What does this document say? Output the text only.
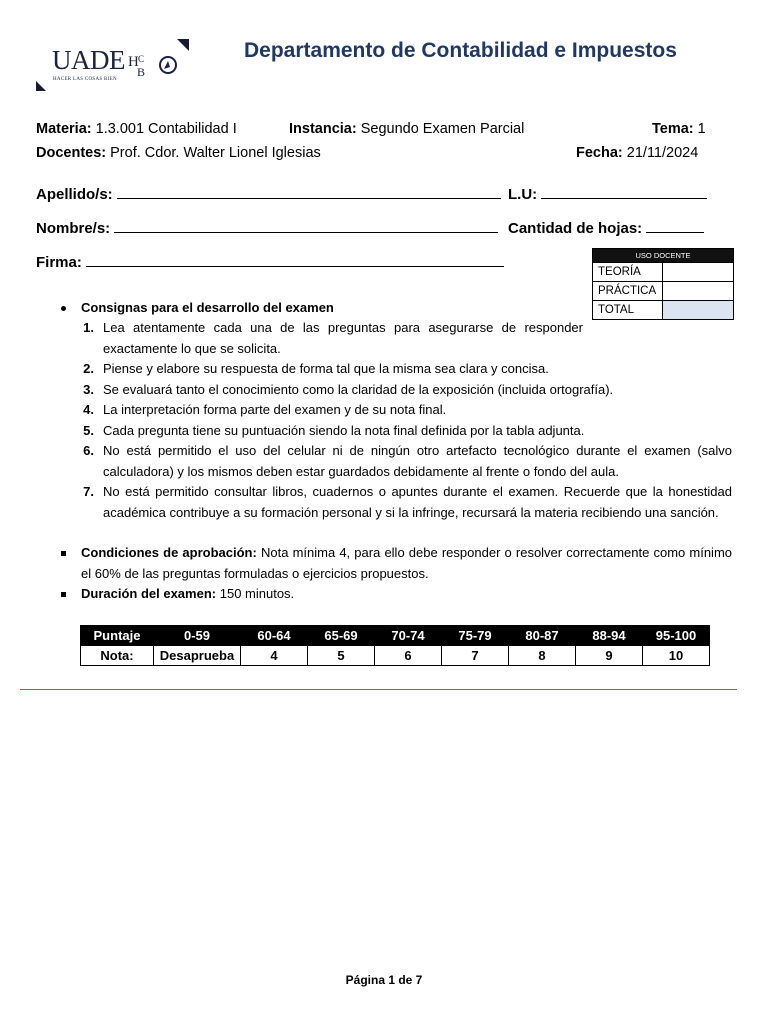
UADE
HACER LAS COSAS BIEN
H
B
C	Departamento de Contabilidad e Impuestos
Materia: 1.3.001 Contabilidad I	Instancia: Segundo Examen Parcial	Tema: 1
Docentes: Prof. Cdor. Walter Lionel Iglesias	Fecha: 21/11/2024
Apellido/s:	L.U:
Nombre/s:	Cantidad de hojas:
Firma:	USO DOCENTE
TEORÍA
PRÁCTICA
TOTAL
Consignas para el desarrollo del examen
1. Lea atentamente cada una de las preguntas para asegurarse de responder exactamente lo que se solicita.
2. Piense y elabore su respuesta de forma tal que la misma sea clara y concisa.
3. Se evaluará tanto el conocimiento como la claridad de la exposición (incluida ortografía).
4. La interpretación forma parte del examen y de su nota final.
5. Cada pregunta tiene su puntuación siendo la nota final definida por la tabla adjunta.
6. No está permitido el uso del celular ni de ningún otro artefacto tecnológico durante el examen (salvo calculadora) y los mismos deben estar guardados debidamente al frente o fondo del aula.
7. No está permitido consultar libros, cuadernos o apuntes durante el examen. Recuerde que la honestidad académica contribuye a su formación personal y si la infringe, recursará la materia recibiendo una sanción.
Condiciones de aprobación: Nota mínima 4, para ello debe responder o resolver correctamente como mínimo el 60% de las preguntas formuladas o ejercicios propuestos.
Duración del examen: 150 minutos.
Puntaje	0-59	60-64	65-69	70-74	75-79	80-87	88-94	95-100
Nota:	Desaprueba	4	5	6	7	8	9	10
Página 1 de 7
